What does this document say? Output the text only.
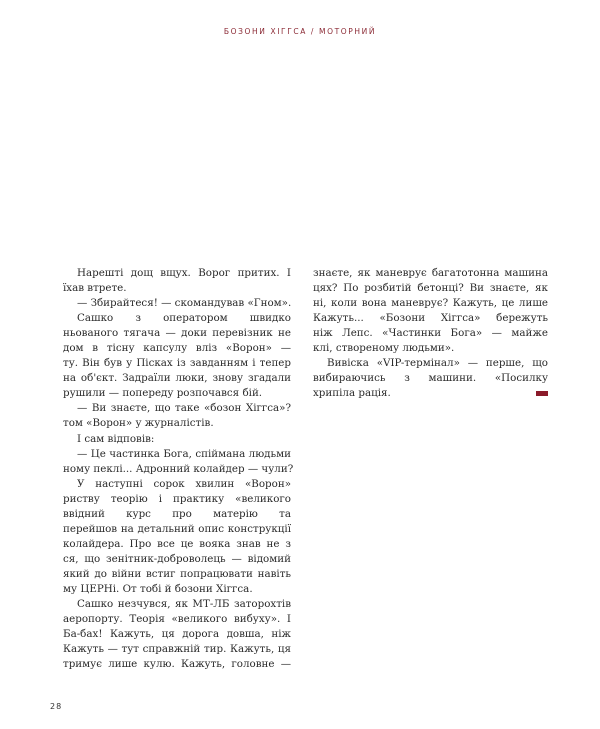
БОЗОНИ ХІГГСА / МОТОРНИЙ
Нарешті дощ вщух. Ворог притих. І
їхав втрете.
— Збирайтеся! — скомандував «Гном».
Сашко з оператором швидко
ньованого тягача — доки перевізник не
дом в тісну капсулу вліз «Ворон» —
ту. Він був у Пісках із завданням і тепер
на об'єкт. Задраїли люки, знову згадали
рушили — попереду розпочався бій.
— Ви знаєте, що таке «бозон Хіггса»?
том «Ворон» у журналістів.
І сам відповів:
— Це частинка Бога, спіймана людьми
ному пеклі... Адронний колайдер — чули?
У наступні сорок хвилин «Ворон»
риству теорію і практику «великого
ввідний курс про матерію та
перейшов на детальний опис конструкції
колайдера. Про все це вояка знав не з
ся, що зенітник-доброволець — відомий
який до війни встиг попрацювати навіть
му ЦЕРНі. От тобі й бозони Хіггса.
Сашко незчувся, як МТ-ЛБ заторохтів
аеропорту. Теорія «великого вибуху». І
Ба-бах! Кажуть, ця дорога довша, ніж
Кажуть — тут справжній тир. Кажуть, ця
тримує лише кулю. Кажуть, головне —
знаєте, як маневрує багатотонна машина
цях? По розбитій бетонці? Ви знаєте, як
ні, коли вона маневрує? Кажуть, це лише
Кажуть... «Бозони Хіггса» бережуть
ніж Лепс. «Частинки Бога» — майже
клі, створеному людьми».
Вивіска «VIP-термінал» — перше, що
вибираючись з машини. «Посилку
хрипіла рація.
28
